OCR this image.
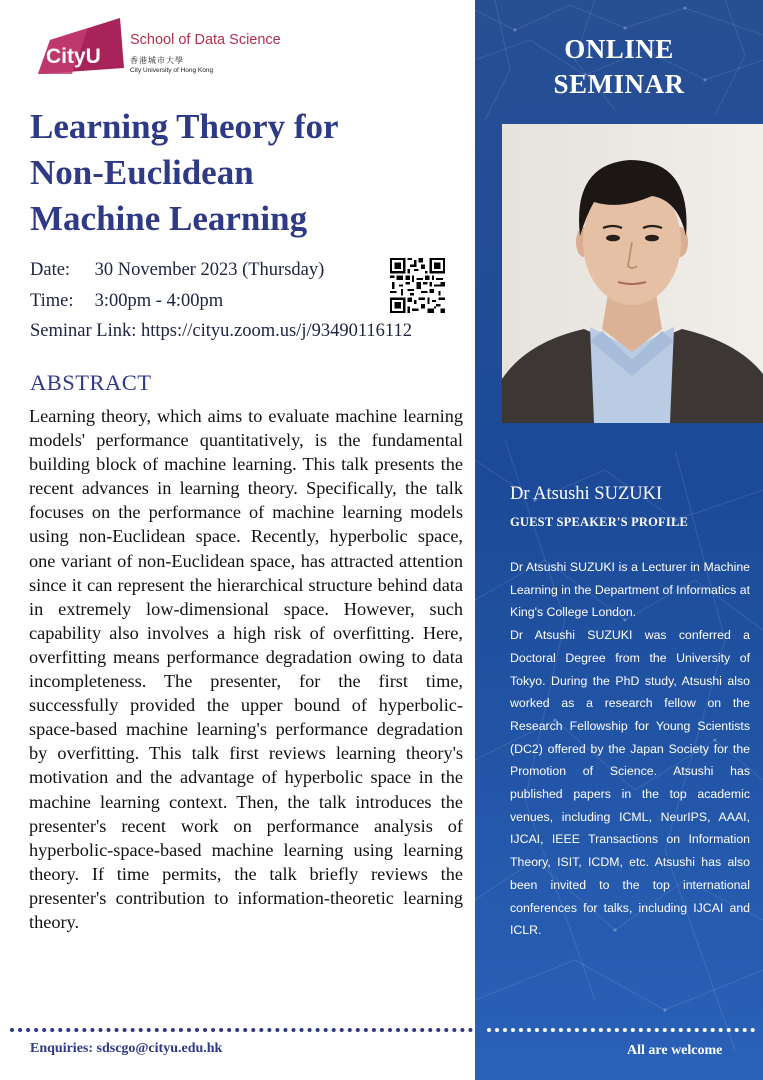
CityU
School of Data Science
香港城市大學
City University of Hong Kong
Learning Theory for
Non-Euclidean
Machine Learning
Date: 30 November 2023 (Thursday)
Time: 3:00pm - 4:00pm
Seminar Link: https://cityu.zoom.us/j/93490116112
ABSTRACT

Learning theory, which aims to evaluate machine learning models' performance quantitatively, is the fundamental building block of machine learning. This talk presents the recent advances in learning theory. Specifically, the talk focuses on the performance of machine learning models using non-Euclidean space. Recently, hyperbolic space, one variant of non-Euclidean space, has attracted attention since it can represent the hierarchical structure behind data in extremely low-dimensional space. However, such capability also involves a high risk of overfitting. Here, overfitting means performance degradation owing to data incompleteness. The presenter, for the first time, successfully provided the upper bound of hyperbolic-space-based machine learning's performance degradation by overfitting. This talk first reviews learning theory's motivation and the advantage of hyperbolic space in the machine learning context. Then, the talk introduces the presenter's recent work on performance analysis of hyperbolic-space-based machine learning using learning theory. If time permits, the talk briefly reviews the presenter's contribution to information-theoretic learning theory.

Enquiries: sdscgo@cityu.edu.hk
ONLINE
SEMINAR
Dr Atsushi SUZUKI
GUEST SPEAKER'S PROFILE
Dr Atsushi SUZUKI is a Lecturer in Machine Learning in the Department of Informatics at King's College London.
Dr Atsushi SUZUKI was conferred a Doctoral Degree from the University of Tokyo. During the PhD study, Atsushi also worked as a research fellow on the Research Fellowship for Young Scientists (DC2) offered by the Japan Society for the Promotion of Science. Atsushi has published papers in the top academic venues, including ICML, NeurIPS, AAAI, IJCAI, IEEE Transactions on Information Theory, ISIT, ICDM, etc. Atsushi has also been invited to the top international conferences for talks, including IJCAI and ICLR.
All are welcome
